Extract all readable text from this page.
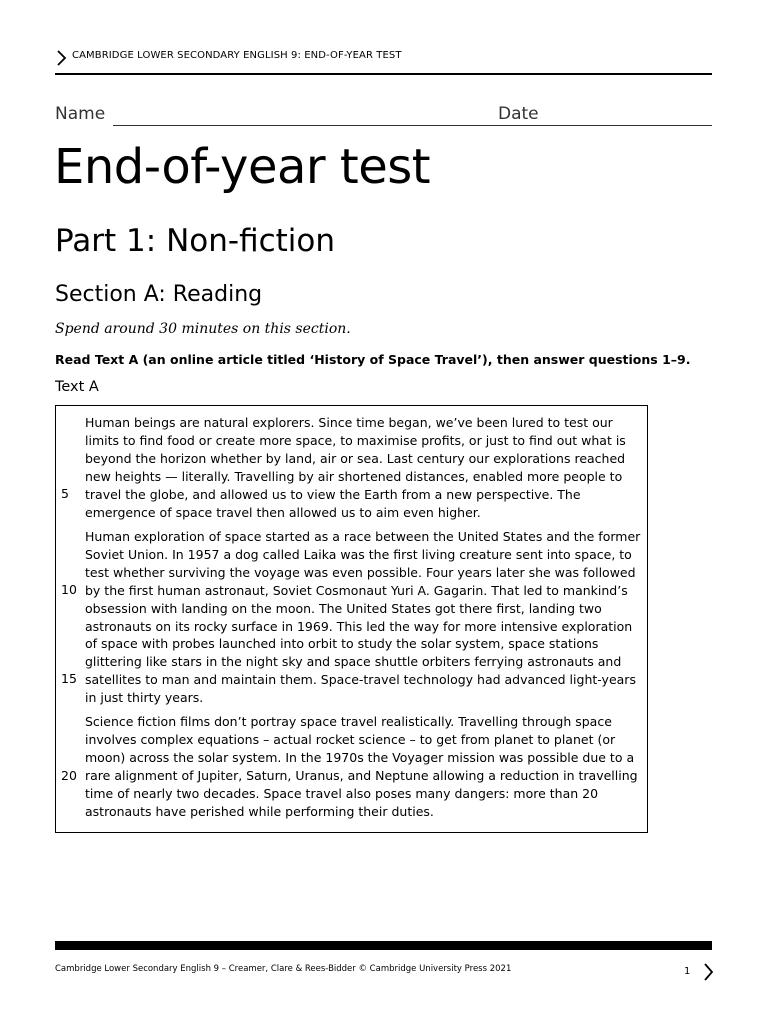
CAMBRIDGE LOWER SECONDARY ENGLISH 9: END-OF-YEAR TEST
Name	Date
End-of-year test
Part 1: Non-fiction
Section A: Reading
Spend around 30 minutes on this section.
Read Text A (an online article titled ‘History of Space Travel’), then answer questions 1–9.
Text A
Human beings are natural explorers. Since time began, we’ve been lured to test our
limits to find food or create more space, to maximise profits, or just to find out what is
beyond the horizon whether by land, air or sea. Last century our explorations reached
new heights — literally. Travelling by air shortened distances, enabled more people to
travel the globe, and allowed us to view the Earth from a new perspective. The
emergence of space travel then allowed us to aim even higher.
Human exploration of space started as a race between the United States and the former
Soviet Union. In 1957 a dog called Laika was the first living creature sent into space, to
test whether surviving the voyage was even possible. Four years later she was followed
by the first human astronaut, Soviet Cosmonaut Yuri A. Gagarin. That led to mankind’s
obsession with landing on the moon. The United States got there first, landing two
astronauts on its rocky surface in 1969. This led the way for more intensive exploration
of space with probes launched into orbit to study the solar system, space stations
glittering like stars in the night sky and space shuttle orbiters ferrying astronauts and
satellites to man and maintain them. Space-travel technology had advanced light-years
in just thirty years.
Science fiction films don’t portray space travel realistically. Travelling through space
involves complex equations – actual rocket science – to get from planet to planet (or
moon) across the solar system. In the 1970s the Voyager mission was possible due to a
rare alignment of Jupiter, Saturn, Uranus, and Neptune allowing a reduction in travelling
time of nearly two decades. Space travel also poses many dangers: more than 20
astronauts have perished while performing their duties.
5
10
15
20
Cambridge Lower Secondary English 9 – Creamer, Clare & Rees-Bidder © Cambridge University Press 2021	1
